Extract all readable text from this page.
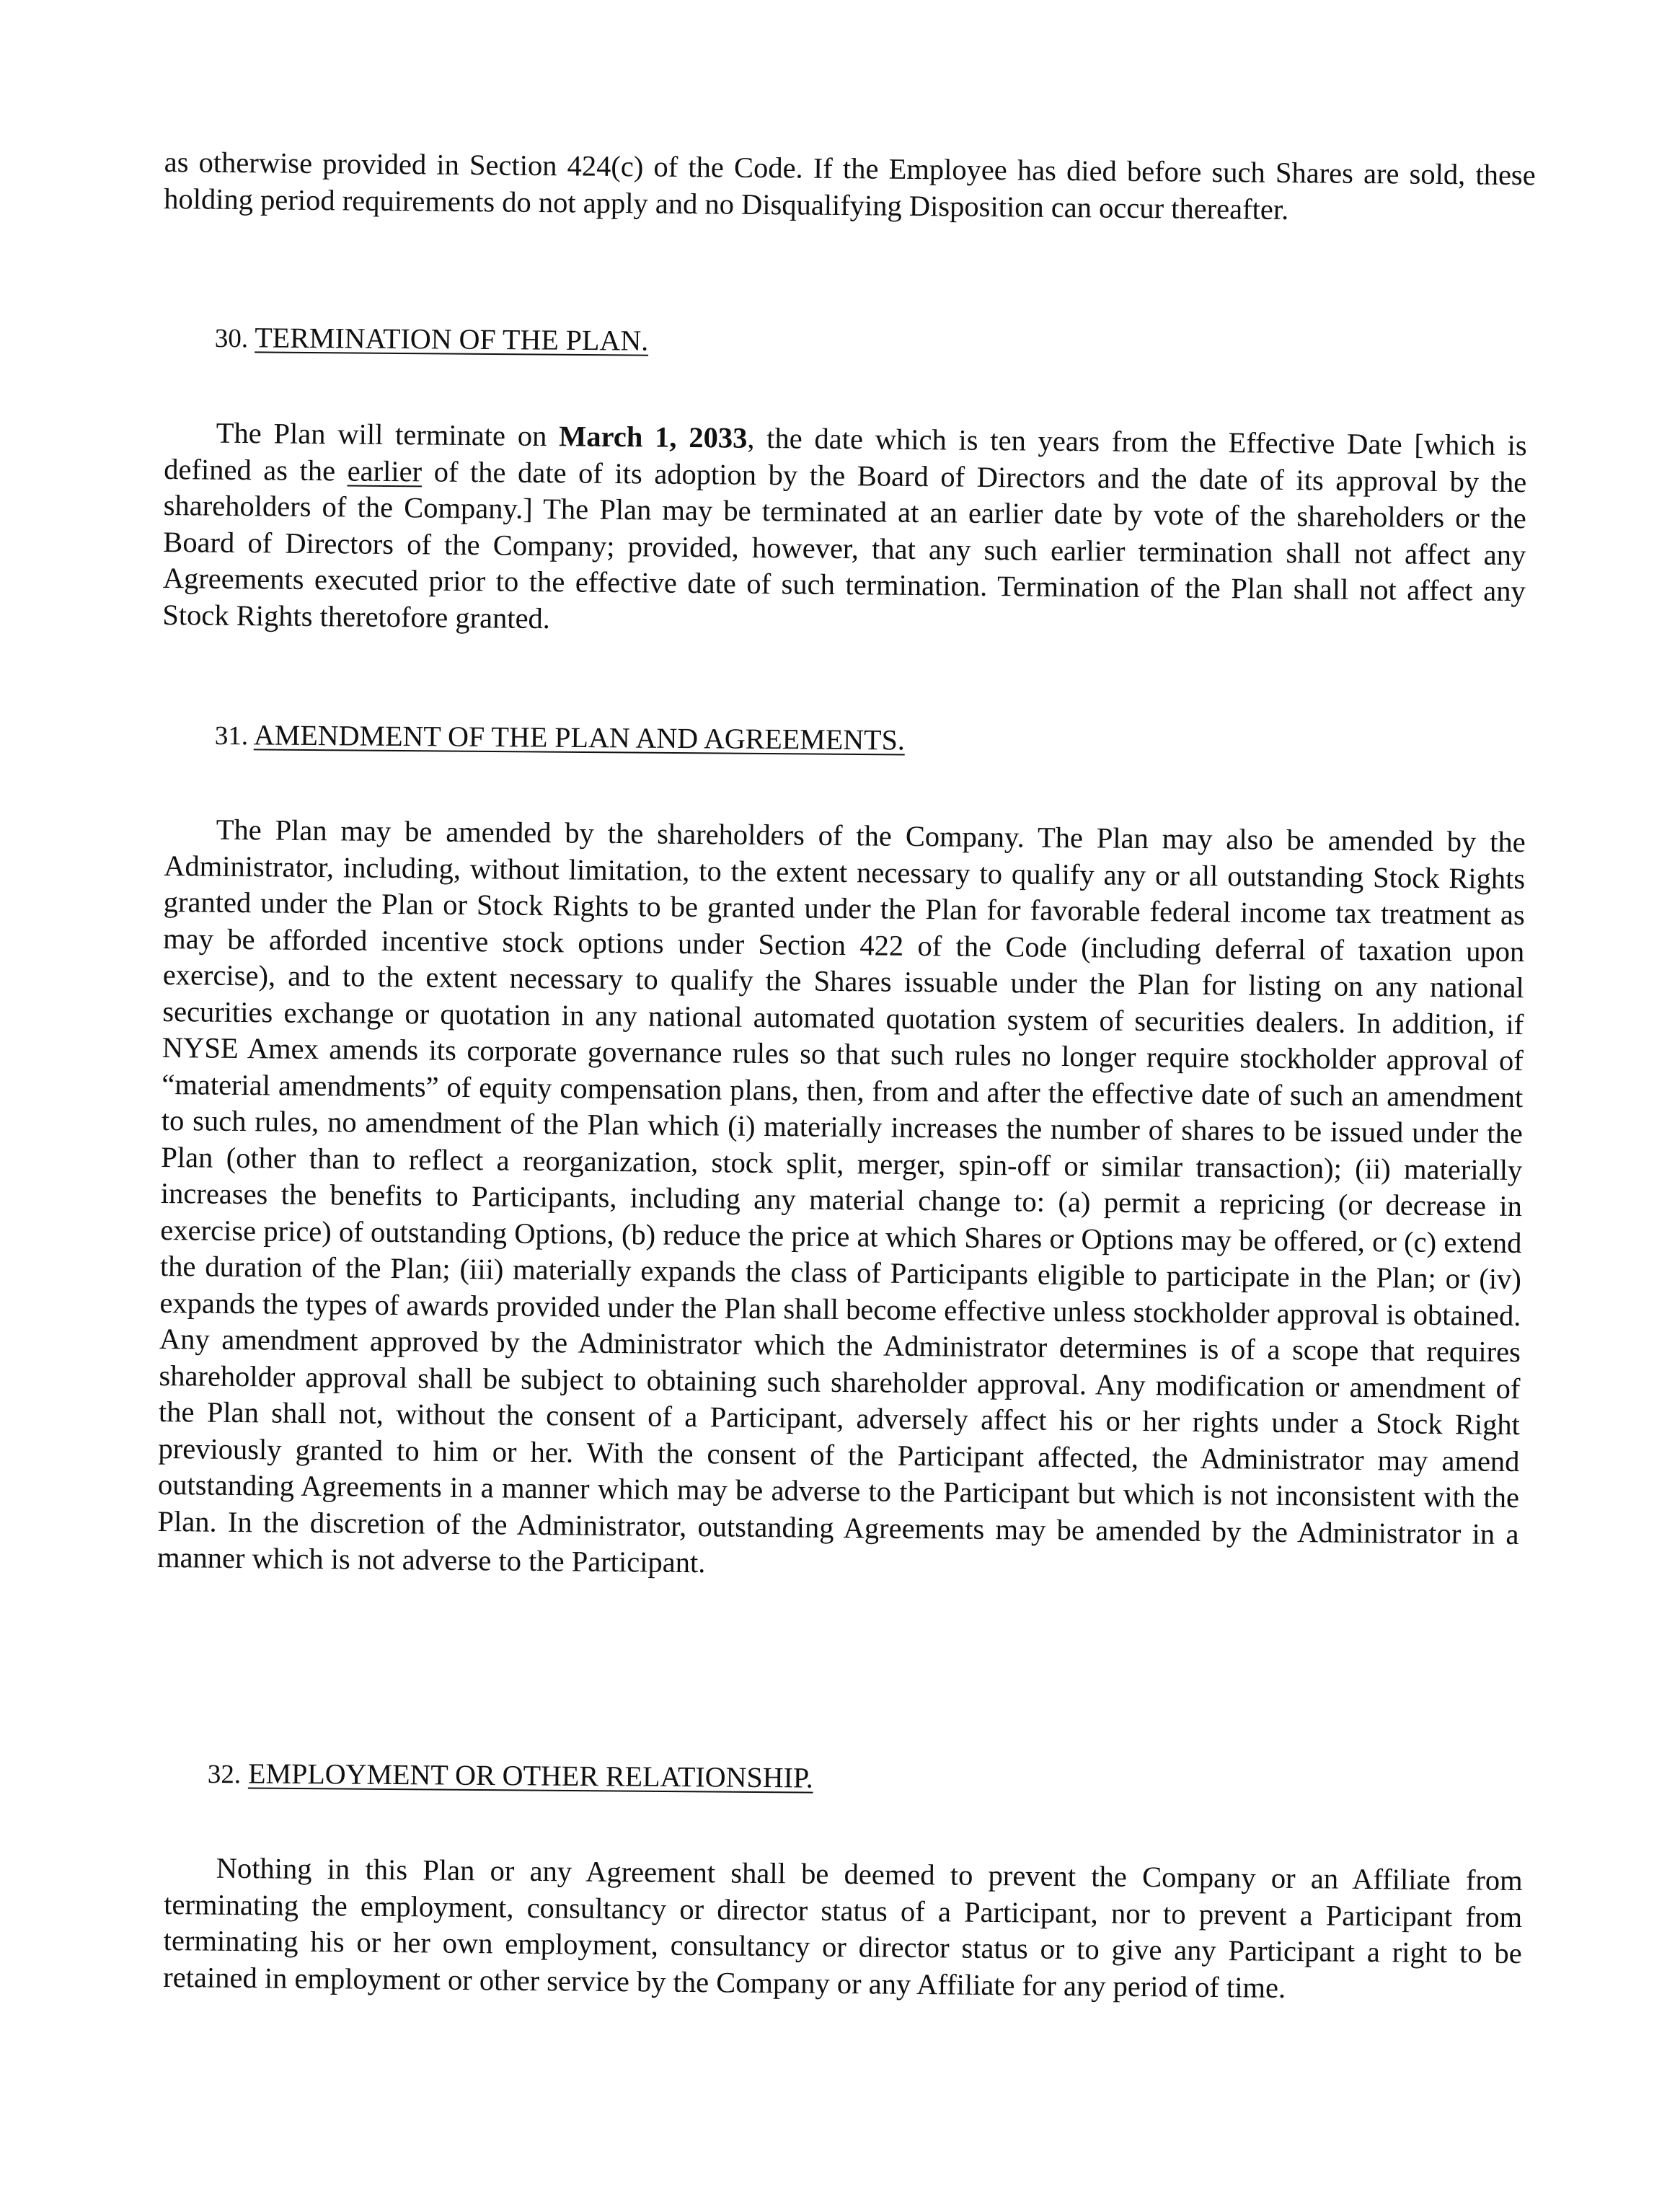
as otherwise provided in Section 424(c) of the Code. If the Employee has died before such Shares are sold, these holding period requirements do not apply and no Disqualifying Disposition can occur thereafter.
30. TERMINATION OF THE PLAN.
The Plan will terminate on March 1, 2033, the date which is ten years from the Effective Date [which is defined as the earlier of the date of its adoption by the Board of Directors and the date of its approval by the shareholders of the Company.] The Plan may be terminated at an earlier date by vote of the shareholders or the Board of Directors of the Company; provided, however, that any such earlier termination shall not affect any Agreements executed prior to the effective date of such termination. Termination of the Plan shall not affect any Stock Rights theretofore granted.
31. AMENDMENT OF THE PLAN AND AGREEMENTS.
The Plan may be amended by the shareholders of the Company. The Plan may also be amended by the Administrator, including, without limitation, to the extent necessary to qualify any or all outstanding Stock Rights granted under the Plan or Stock Rights to be granted under the Plan for favorable federal income tax treatment as may be afforded incentive stock options under Section 422 of the Code (including deferral of taxation upon exercise), and to the extent necessary to qualify the Shares issuable under the Plan for listing on any national securities exchange or quotation in any national automated quotation system of securities dealers. In addition, if NYSE Amex amends its corporate governance rules so that such rules no longer require stockholder approval of “material amendments” of equity compensation plans, then, from and after the effective date of such an amendment to such rules, no amendment of the Plan which (i) materially increases the number of shares to be issued under the Plan (other than to reflect a reorganization, stock split, merger, spin-off or similar transaction); (ii) materially increases the benefits to Participants, including any material change to: (a) permit a repricing (or decrease in exercise price) of outstanding Options, (b) reduce the price at which Shares or Options may be offered, or (c) extend the duration of the Plan; (iii) materially expands the class of Participants eligible to participate in the Plan; or (iv) expands the types of awards provided under the Plan shall become effective unless stockholder approval is obtained. Any amendment approved by the Administrator which the Administrator determines is of a scope that requires shareholder approval shall be subject to obtaining such shareholder approval. Any modification or amendment of the Plan shall not, without the consent of a Participant, adversely affect his or her rights under a Stock Right previously granted to him or her. With the consent of the Participant affected, the Administrator may amend outstanding Agreements in a manner which may be adverse to the Participant but which is not inconsistent with the Plan. In the discretion of the Administrator, outstanding Agreements may be amended by the Administrator in a manner which is not adverse to the Participant.
32. EMPLOYMENT OR OTHER RELATIONSHIP.
Nothing in this Plan or any Agreement shall be deemed to prevent the Company or an Affiliate from terminating the employment, consultancy or director status of a Participant, nor to prevent a Participant from terminating his or her own employment, consultancy or director status or to give any Participant a right to be retained in employment or other service by the Company or any Affiliate for any period of time.
